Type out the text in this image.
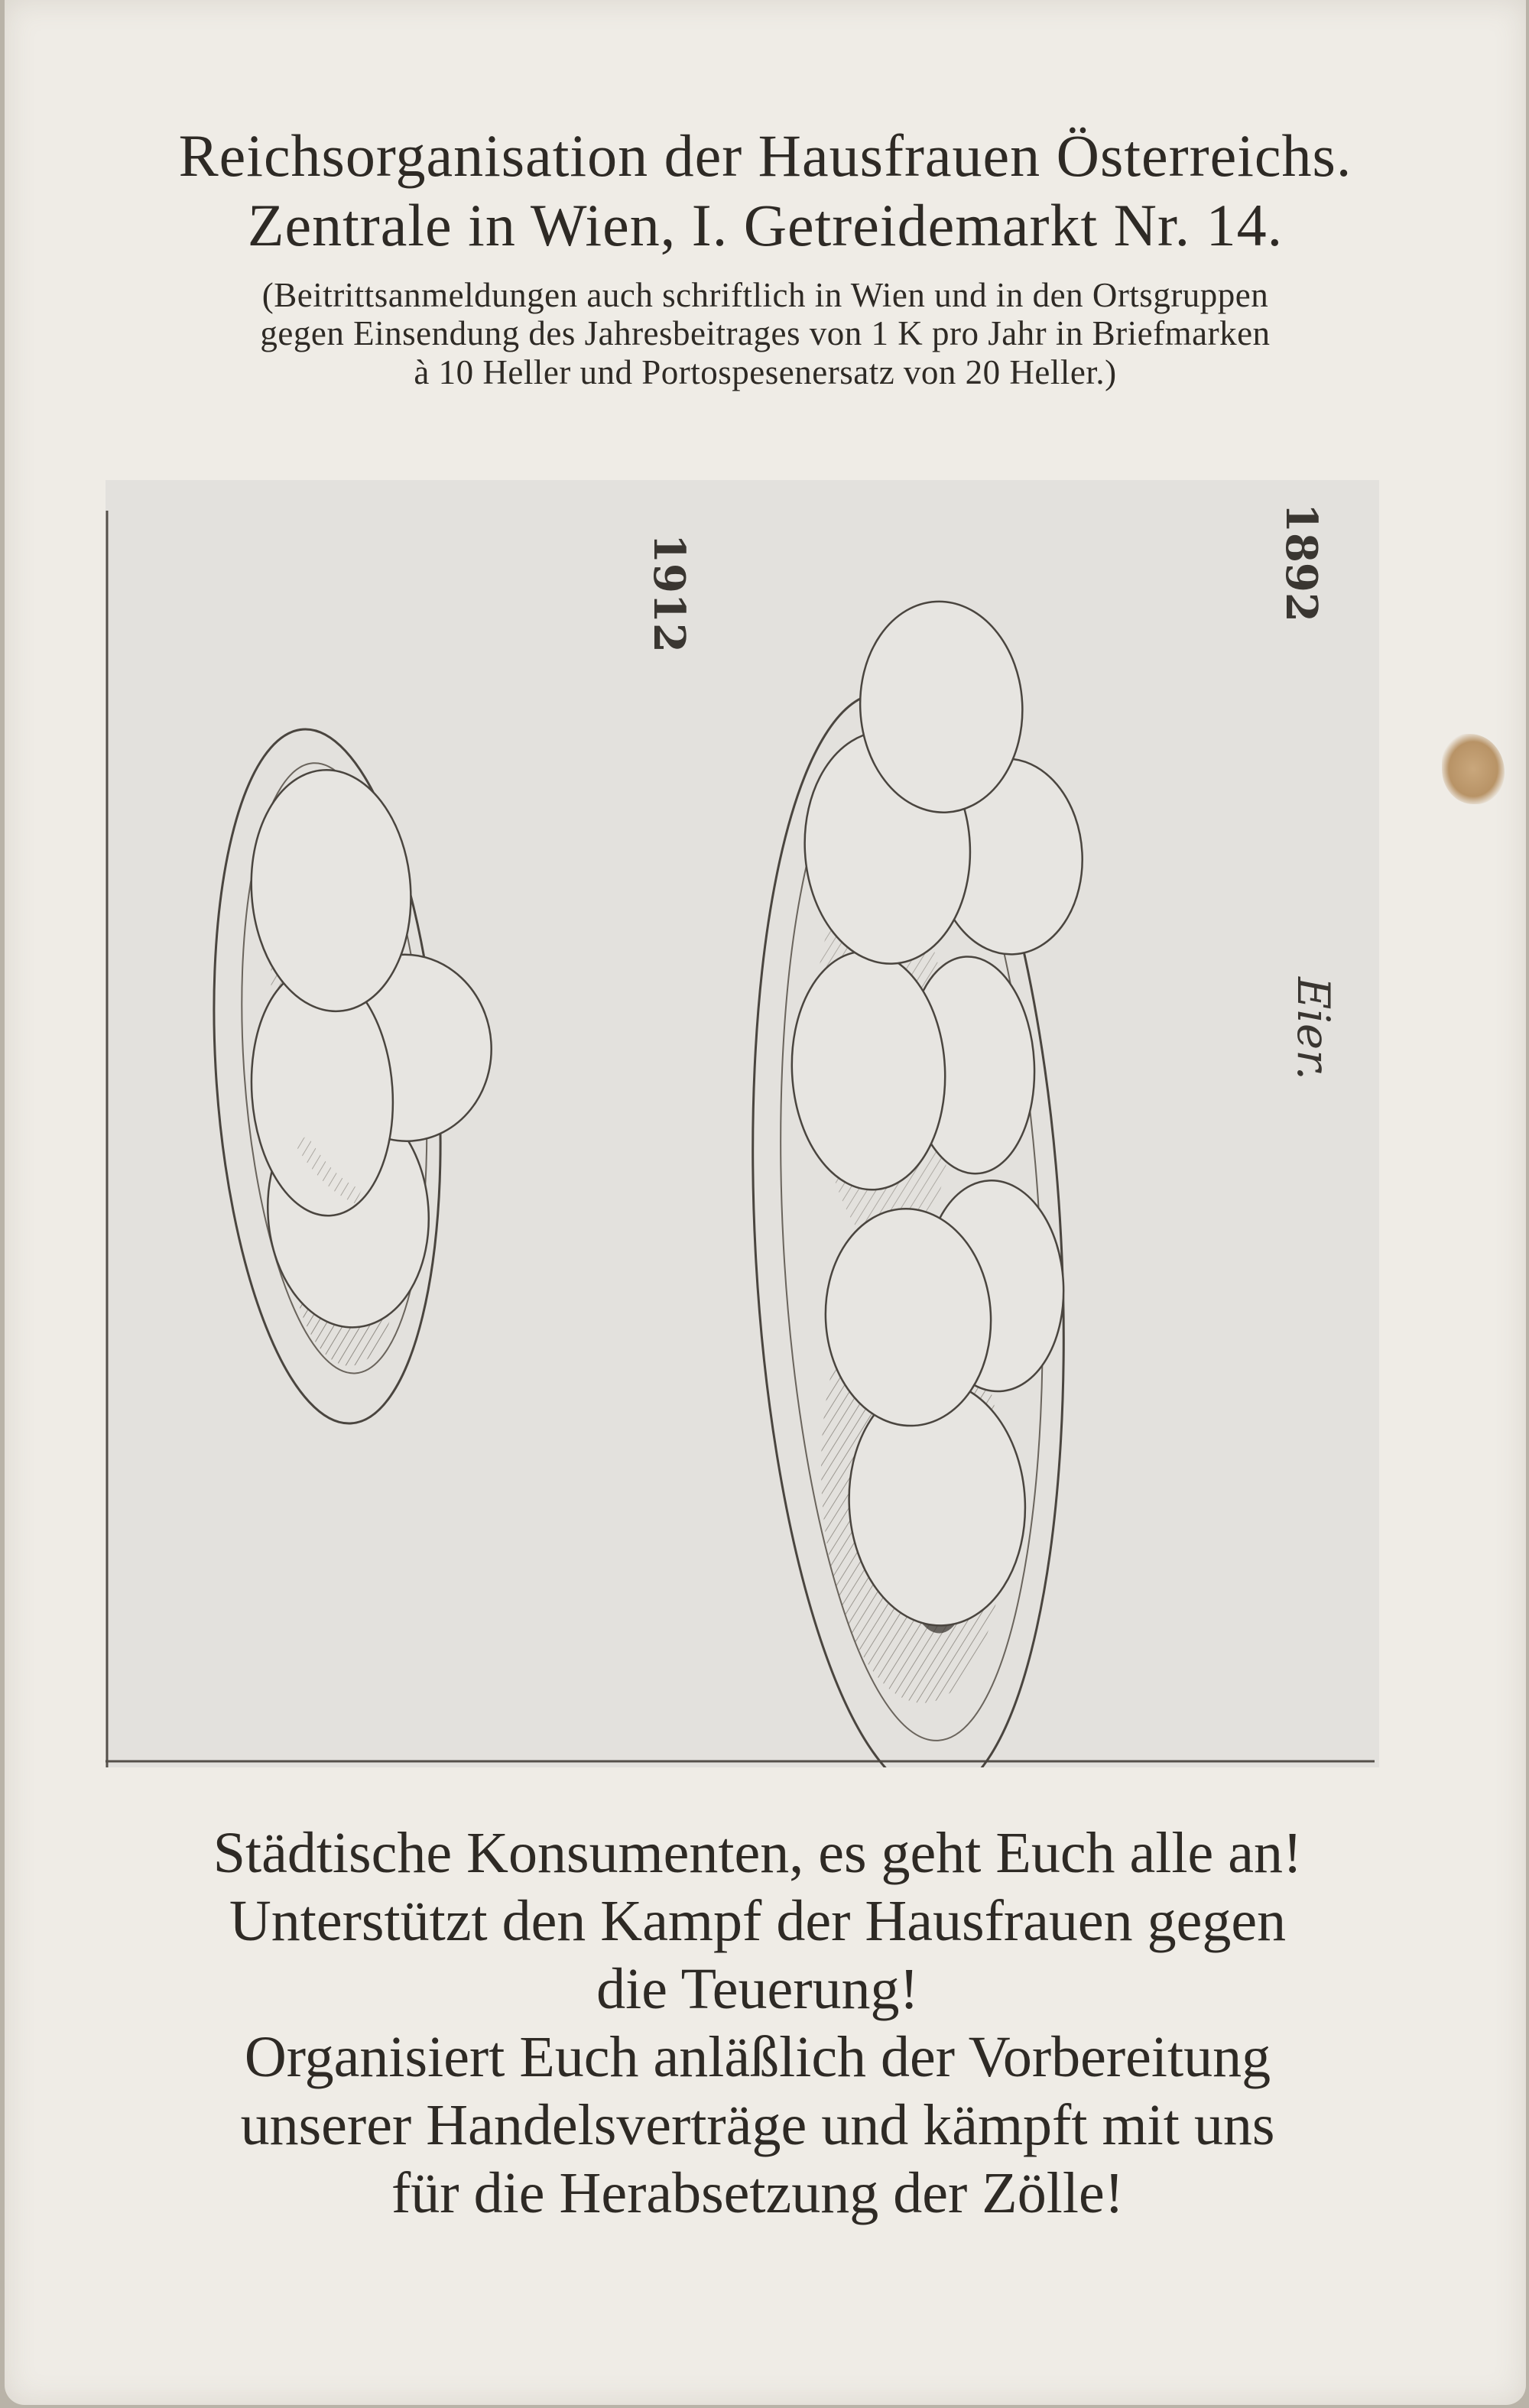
Reichsorganisation der Hausfrauen Österreichs.
Zentrale in Wien, I. Getreidemarkt Nr. 14.
(Beitrittsanmeldungen auch schriftlich in Wien und in den Ortsgruppen
gegen Einsendung des Jahresbeitrages von 1 K pro Jahr in Briefmarken
à 10 Heller und Portospesenersatz von 20 Heller.)
1912	1892
Eier.
Städtische Konsumenten, es geht Euch alle an!
Unterstützt den Kampf der Hausfrauen gegen
die Teuerung!
Organisiert Euch anläßlich der Vorbereitung
unserer Handelsverträge und kämpft mit uns
für die Herabsetzung der Zölle!
